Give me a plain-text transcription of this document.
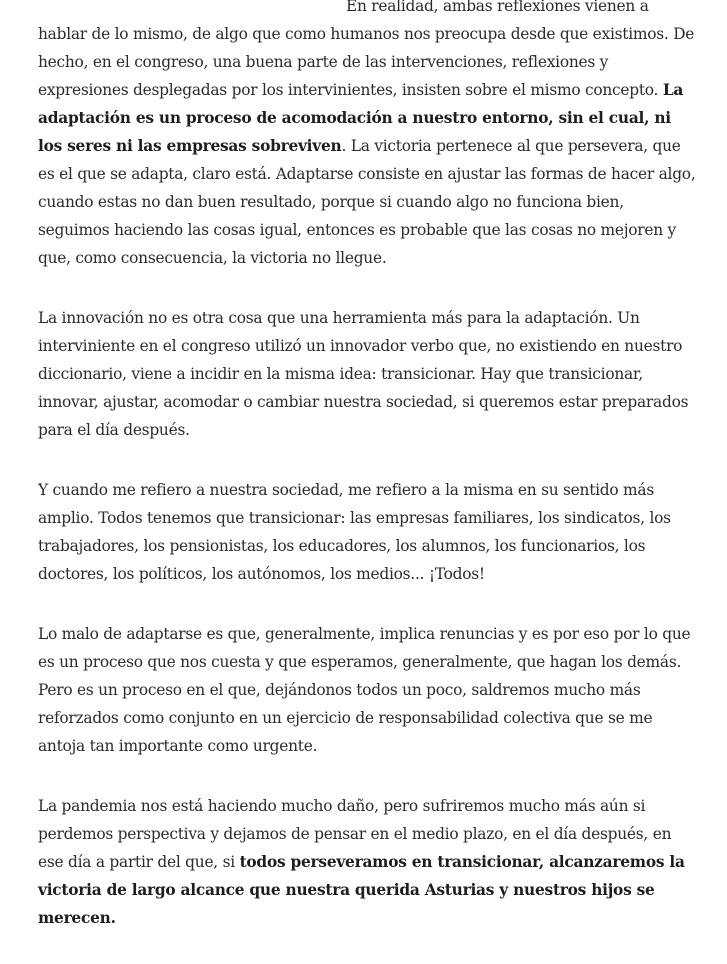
En realidad, ambas reflexiones vienen a hablar de lo mismo, de algo que como humanos nos preocupa desde que existimos. De hecho, en el congreso, una buena parte de las intervenciones, reflexiones y expresiones desplegadas por los intervinientes, insisten sobre el mismo concepto. La adaptación es un proceso de acomodación a nuestro entorno, sin el cual, ni los seres ni las empresas sobreviven. La victoria pertenece al que persevera, que es el que se adapta, claro está. Adaptarse consiste en ajustar las formas de hacer algo, cuando estas no dan buen resultado, porque si cuando algo no funciona bien, seguimos haciendo las cosas igual, entonces es probable que las cosas no mejoren y que, como consecuencia, la victoria no llegue.

La innovación no es otra cosa que una herramienta más para la adaptación. Un interviniente en el congreso utilizó un innovador verbo que, no existiendo en nuestro diccionario, viene a incidir en la misma idea: transicionar. Hay que transicionar, innovar, ajustar, acomodar o cambiar nuestra sociedad, si queremos estar preparados para el día después.

Y cuando me refiero a nuestra sociedad, me refiero a la misma en su sentido más amplio. Todos tenemos que transicionar: las empresas familiares, los sindicatos, los trabajadores, los pensionistas, los educadores, los alumnos, los funcionarios, los doctores, los políticos, los autónomos, los medios... ¡Todos!

Lo malo de adaptarse es que, generalmente, implica renuncias y es por eso por lo que es un proceso que nos cuesta y que esperamos, generalmente, que hagan los demás. Pero es un proceso en el que, dejándonos todos un poco, saldremos mucho más reforzados como conjunto en un ejercicio de responsabilidad colectiva que se me antoja tan importante como urgente.

La pandemia nos está haciendo mucho daño, pero sufriremos mucho más aún si perdemos perspectiva y dejamos de pensar en el medio plazo, en el día después, en ese día a partir del que, si todos perseveramos en transicionar, alcanzaremos la victoria de largo alcance que nuestra querida Asturias y nuestros hijos se merecen.
